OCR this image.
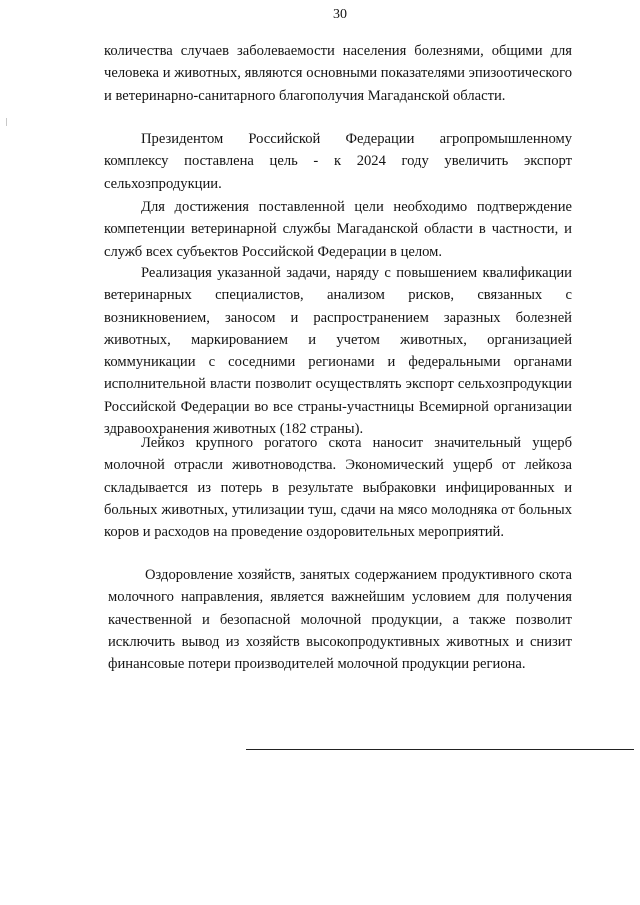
30

количества случаев заболеваемости населения болезнями, общими для человека и животных, являются основными показателями эпизоотического и ветеринарно-санитарного благополучия Магаданской области.

Президентом Российской Федерации агропромышленному комплексу поставлена цель - к 2024 году увеличить экспорт сельхозпродукции.

Для достижения поставленной цели необходимо подтверждение компетенции ветеринарной службы Магаданской области в частности, и служб всех субъектов Российской Федерации в целом.

Реализация указанной задачи, наряду с повышением квалификации ветеринарных специалистов, анализом рисков, связанных с возникновением, заносом и распространением заразных болезней животных, маркированием и учетом животных, организацией коммуникации с соседними регионами и федеральными органами исполнительной власти позволит осуществлять экспорт сельхозпродукции Российской Федерации во все страны-участницы Всемирной организации здравоохранения животных (182 страны).

Лейкоз крупного рогатого скота наносит значительный ущерб молочной отрасли животноводства. Экономический ущерб от лейкоза складывается из потерь в результате выбраковки инфицированных и больных животных, утилизации туш, сдачи на мясо молодняка от больных коров и расходов на проведение оздоровительных мероприятий.

Оздоровление хозяйств, занятых содержанием продуктивного скота молочного направления, является важнейшим условием для получения качественной и безопасной молочной продукции, а также позволит исключить вывод из хозяйств высокопродуктивных животных и снизит финансовые потери производителей молочной продукции региона.
